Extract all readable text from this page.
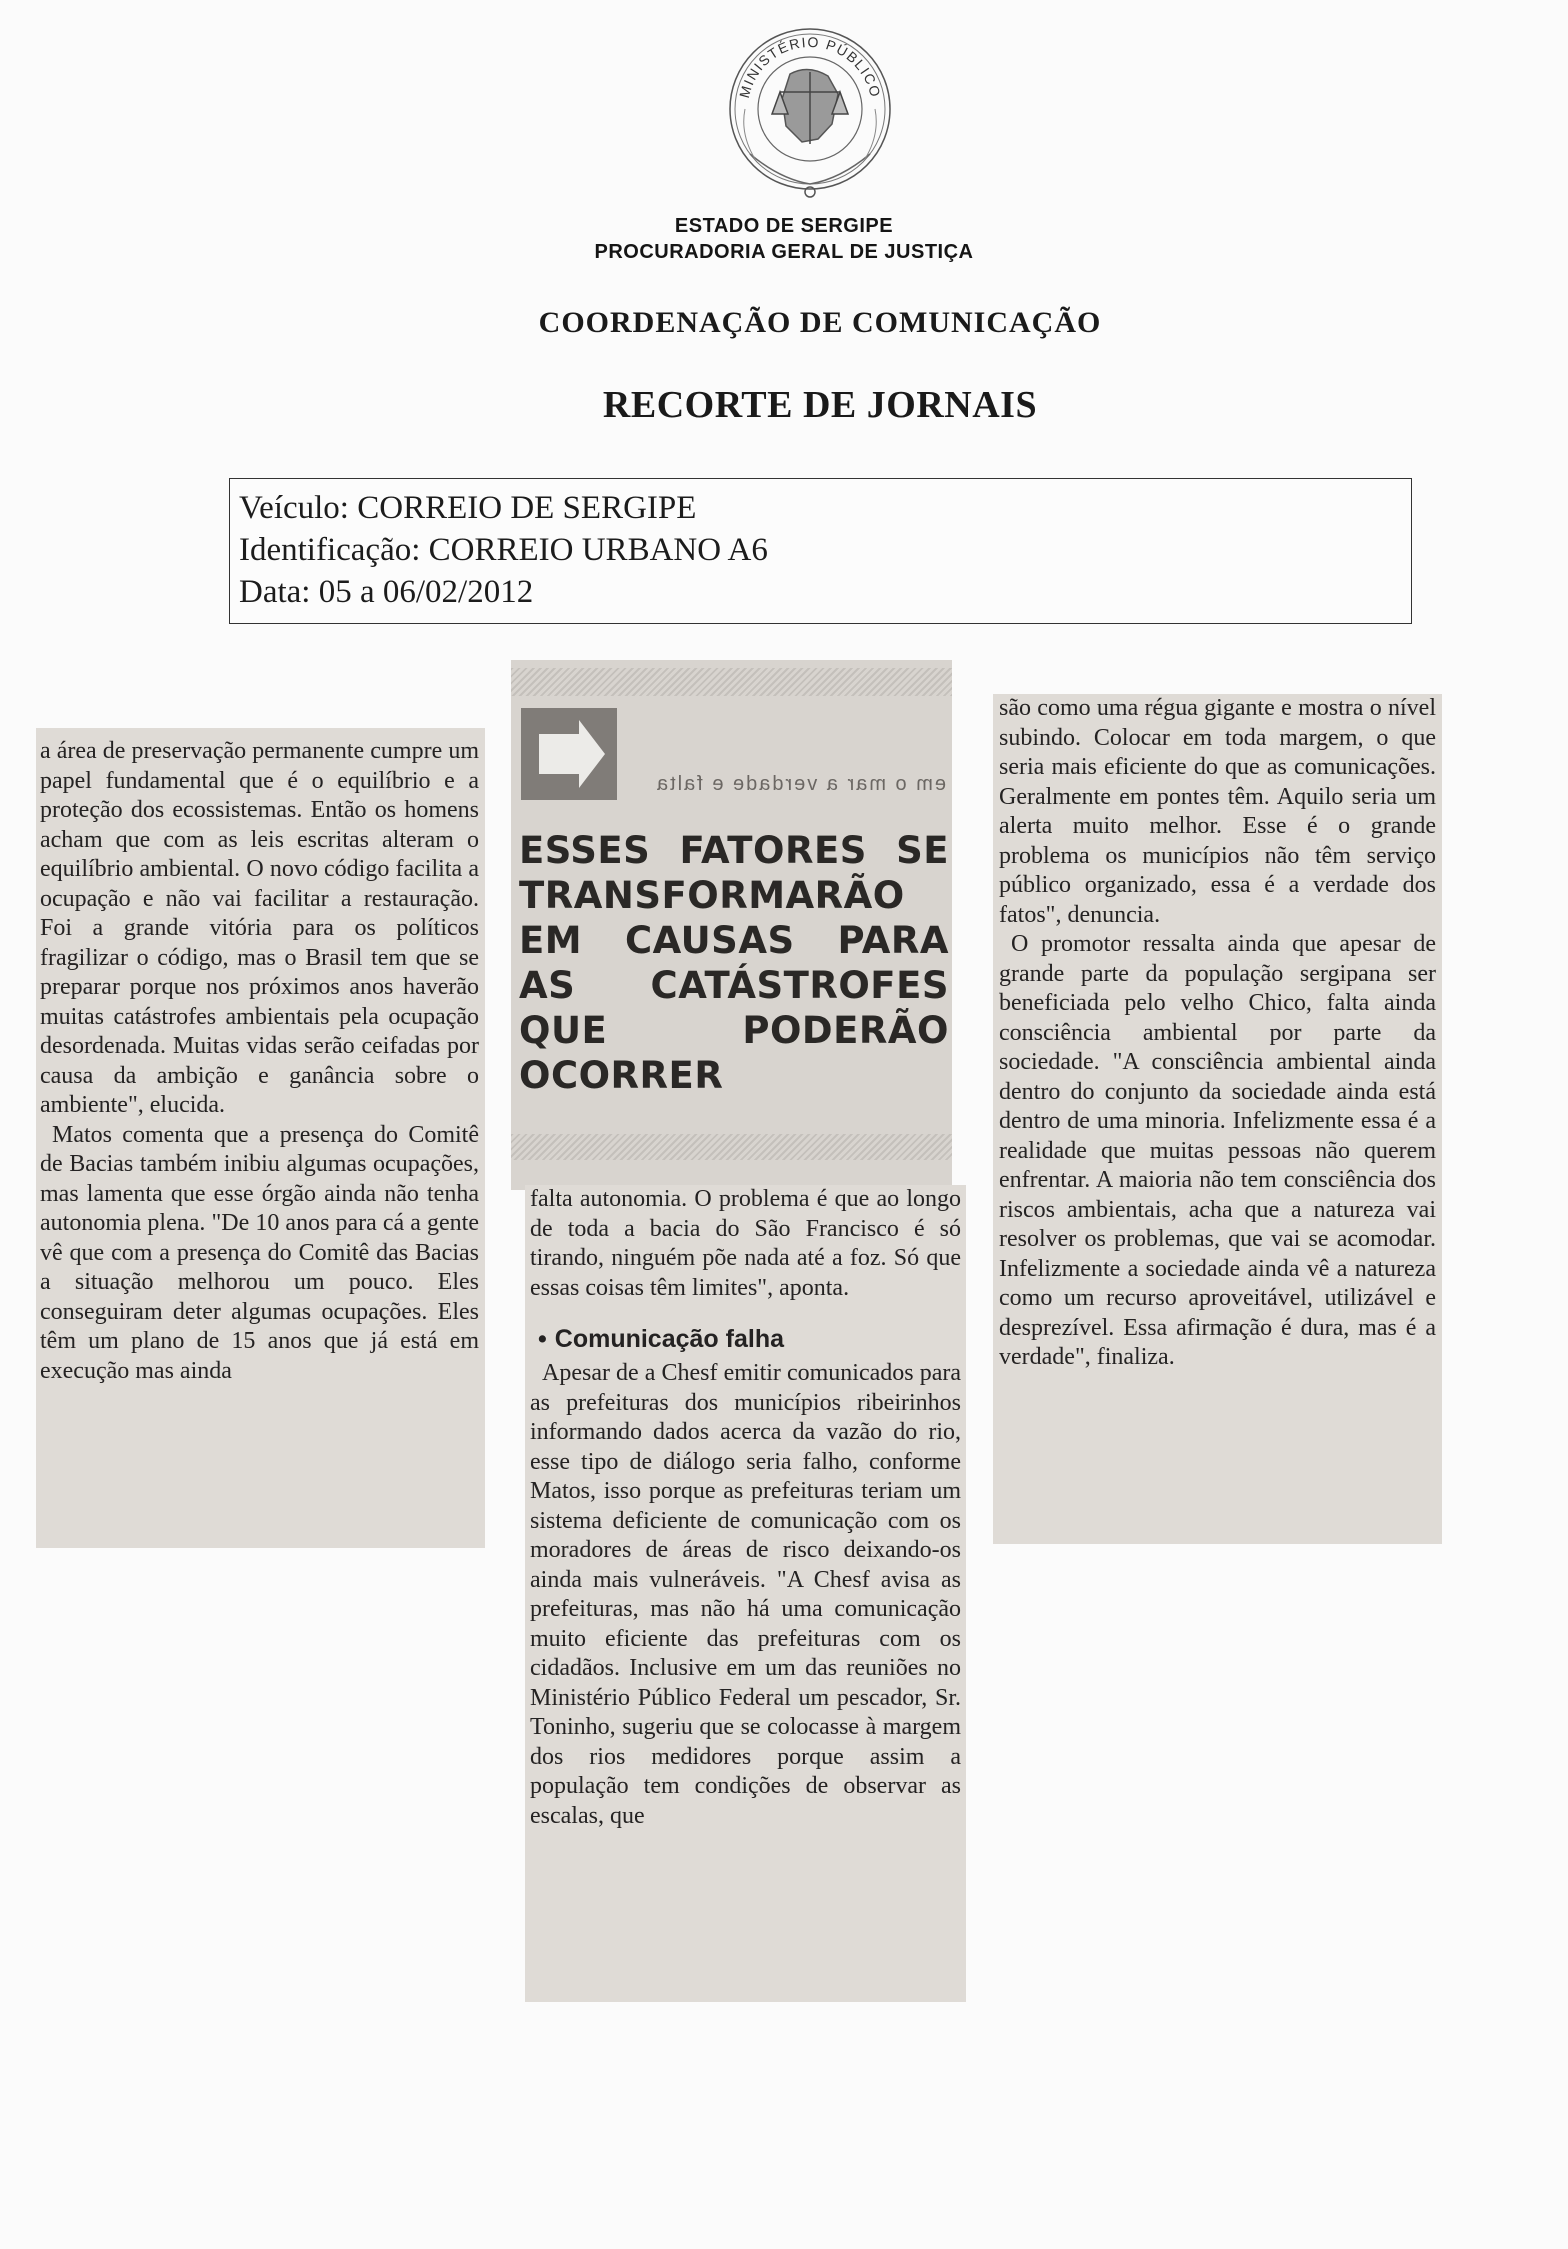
MINISTÉRIO PÚBLICO
ESTADO DE SERGIPE
PROCURADORIA GERAL DE JUSTIÇA
COORDENAÇÃO DE COMUNICAÇÃO
RECORTE DE JORNAIS
Veículo: CORREIO DE SERGIPE
Identificação: CORREIO URBANO A6
Data: 05 a 06/02/2012

a área de preservação permanente cumpre um papel fundamental que é o equilíbrio e a proteção dos ecossistemas. Então os homens acham que com as leis escritas alteram o equilíbrio ambiental. O novo código facilita a ocupação e não vai facilitar a restauração. Foi a grande vitória para os políticos fragilizar o código, mas o Brasil tem que se preparar porque nos próximos anos haverão muitas catástrofes ambientais pela ocupação desordenada. Muitas vidas serão ceifadas por causa da ambição e ganância sobre o ambiente", elucida.

Matos comenta que a presença do Comitê de Bacias também inibiu algumas ocupações, mas lamenta que esse órgão ainda não tenha autonomia plena. "De 10 anos para cá a gente vê que com a presença do Comitê das Bacias a situação melhorou um pouco. Eles conseguiram deter algumas ocupações. Eles têm um plano de 15 anos que já está em execução mas ainda

em o mar a verdade e falta
ESSES FATORES SE TRANSFORMARÃO EM CAUSAS PARA AS CATÁSTROFES QUE PODERÃO OCORRER

falta autonomia. O problema é que ao longo de toda a bacia do São Francisco é só tirando, ninguém põe nada até a foz. Só que essas coisas têm limites", aponta.

• Comunicação falha

Apesar de a Chesf emitir comunicados para as prefeituras dos municípios ribeirinhos informando dados acerca da vazão do rio, esse tipo de diálogo seria falho, conforme Matos, isso porque as prefeituras teriam um sistema deficiente de comunicação com os moradores de áreas de risco deixando-os ainda mais vulneráveis. "A Chesf avisa as prefeituras, mas não há uma comunicação muito eficiente das prefeituras com os cidadãos. Inclusive em um das reuniões no Ministério Público Federal um pescador, Sr. Toninho, sugeriu que se colocasse à margem dos rios medidores porque assim a população tem condições de observar as escalas, que

são como uma régua gigante e mostra o nível subindo. Colocar em toda margem, o que seria mais eficiente do que as comunicações. Geralmente em pontes têm. Aquilo seria um alerta muito melhor. Esse é o grande problema os municípios não têm serviço público organizado, essa é a verdade dos fatos", denuncia.

O promotor ressalta ainda que apesar de grande parte da população sergipana ser beneficiada pelo velho Chico, falta ainda consciência ambiental por parte da sociedade. "A consciência ambiental ainda dentro do conjunto da sociedade ainda está dentro de uma minoria. Infelizmente essa é a realidade que muitas pessoas não querem enfrentar. A maioria não tem consciência dos riscos ambientais, acha que a natureza vai resolver os problemas, que vai se acomodar. Infelizmente a sociedade ainda vê a natureza como um recurso aproveitável, utilizável e desprezível. Essa afirmação é dura, mas é a verdade", finaliza.
